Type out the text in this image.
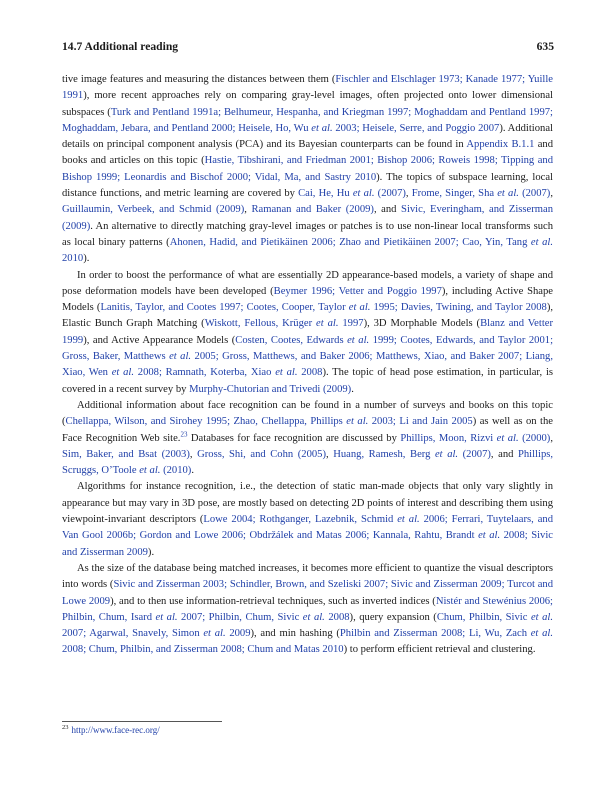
14.7 Additional reading	635

tive image features and measuring the distances between them (Fischler and Elschlager 1973; Kanade 1977; Yuille 1991), more recent approaches rely on comparing gray-level images, often projected onto lower dimensional subspaces (Turk and Pentland 1991a; Belhumeur, Hespanha, and Kriegman 1997; Moghaddam and Pentland 1997; Moghaddam, Jebara, and Pentland 2000; Heisele, Ho, Wu et al. 2003; Heisele, Serre, and Poggio 2007). Additional details on principal component analysis (PCA) and its Bayesian counterparts can be found in Appendix B.1.1 and books and articles on this topic (Hastie, Tibshirani, and Friedman 2001; Bishop 2006; Roweis 1998; Tipping and Bishop 1999; Leonardis and Bischof 2000; Vidal, Ma, and Sastry 2010). The topics of subspace learning, local distance functions, and metric learning are covered by Cai, He, Hu et al. (2007), Frome, Singer, Sha et al. (2007), Guillaumin, Verbeek, and Schmid (2009), Ramanan and Baker (2009), and Sivic, Everingham, and Zisserman (2009). An alternative to directly matching gray-level images or patches is to use non-linear local transforms such as local binary patterns (Ahonen, Hadid, and Pietikäinen 2006; Zhao and Pietikäinen 2007; Cao, Yin, Tang et al. 2010).

In order to boost the performance of what are essentially 2D appearance-based models, a variety of shape and pose deformation models have been developed (Beymer 1996; Vetter and Poggio 1997), including Active Shape Models (Lanitis, Taylor, and Cootes 1997; Cootes, Cooper, Taylor et al. 1995; Davies, Twining, and Taylor 2008), Elastic Bunch Graph Matching (Wiskott, Fellous, Krüger et al. 1997), 3D Morphable Models (Blanz and Vetter 1999), and Active Appearance Models (Costen, Cootes, Edwards et al. 1999; Cootes, Edwards, and Taylor 2001; Gross, Baker, Matthews et al. 2005; Gross, Matthews, and Baker 2006; Matthews, Xiao, and Baker 2007; Liang, Xiao, Wen et al. 2008; Ramnath, Koterba, Xiao et al. 2008). The topic of head pose estimation, in particular, is covered in a recent survey by Murphy-Chutorian and Trivedi (2009).

Additional information about face recognition can be found in a number of surveys and books on this topic (Chellappa, Wilson, and Sirohey 1995; Zhao, Chellappa, Phillips et al. 2003; Li and Jain 2005) as well as on the Face Recognition Web site.$^{23}$ Databases for face recognition are discussed by Phillips, Moon, Rizvi et al. (2000), Sim, Baker, and Bsat (2003), Gross, Shi, and Cohn (2005), Huang, Ramesh, Berg et al. (2007), and Phillips, Scruggs, O’Toole et al. (2010).

Algorithms for instance recognition, i.e., the detection of static man-made objects that only vary slightly in appearance but may vary in 3D pose, are mostly based on detecting 2D points of interest and describing them using viewpoint-invariant descriptors (Lowe 2004; Rothganger, Lazebnik, Schmid et al. 2006; Ferrari, Tuytelaars, and Van Gool 2006b; Gordon and Lowe 2006; Obdržálek and Matas 2006; Kannala, Rahtu, Brandt et al. 2008; Sivic and Zisserman 2009).

As the size of the database being matched increases, it becomes more efficient to quantize the visual descriptors into words (Sivic and Zisserman 2003; Schindler, Brown, and Szeliski 2007; Sivic and Zisserman 2009; Turcot and Lowe 2009), and to then use information-retrieval techniques, such as inverted indices (Nistér and Stewénius 2006; Philbin, Chum, Isard et al. 2007; Philbin, Chum, Sivic et al. 2008), query expansion (Chum, Philbin, Sivic et al. 2007; Agarwal, Snavely, Simon et al. 2009), and min hashing (Philbin and Zisserman 2008; Li, Wu, Zach et al. 2008; Chum, Philbin, and Zisserman 2008; Chum and Matas 2010) to perform efficient retrieval and clustering.

$^{23}$ http://www.face-rec.org/
